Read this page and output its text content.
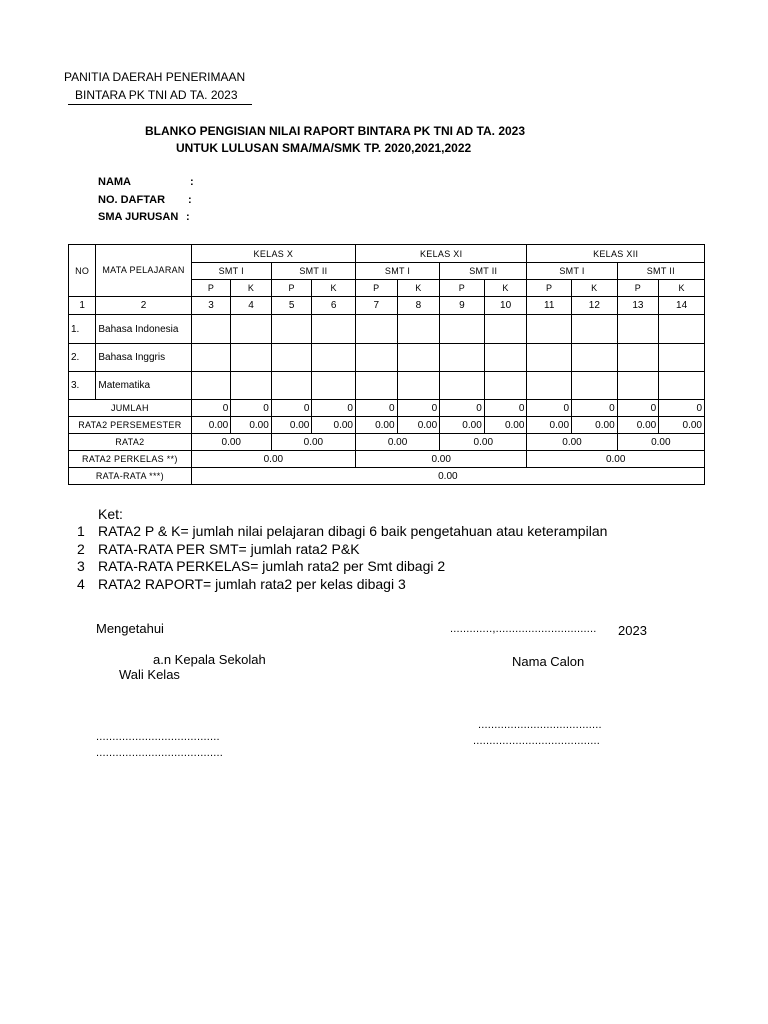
PANITIA DAERAH PENERIMAAN
BINTARA PK TNI AD TA. 2023
BLANKO PENGISIAN NILAI RAPORT BINTARA PK TNI AD TA. 2023
UNTUK LULUSAN SMA/MA/SMK TP. 2020,2021,2022
NAMA	:
NO. DAFTAR :
SMA JURUSAN :
NO	MATA PELAJARAN	KELAS X				KELAS XI				KELAS XII			
		SMT I		SMT II		SMT I		SMT II		SMT I		SMT II	
		P	K	P	K	P	K	P	K	P	K	P	K
1	2	3	4	5	6	7	8	9	10	11	12	13	14
1.	Bahasa Indonesia												
2.	Bahasa Inggris												
3.	Matematika												
JUMLAH		0	0	0	0	0	0	0	0	0	0	0	0
RATA2 PERSEMESTER		0.00	0.00	0.00	0.00	0.00	0.00	0.00	0.00	0.00	0.00	0.00	0.00
RATA2		0.00		0.00		0.00		0.00		0.00		0.00	
RATA2 PERKELAS **)		0.00				0.00				0.00			
RATA-RATA ***)		0.00											
Ket:
1 RATA2 P & K= jumlah nilai pelajaran dibagi 6 baik pengetahuan atau keterampilan
2 RATA-RATA PER SMT= jumlah rata2 P&K
3 RATA-RATA PERKELAS= jumlah rata2 per Smt dibagi 2
4 RATA2 RAPORT= jumlah rata2 per kelas dibagi 3
Mengetahui	.............,............................... 2023
a.n Kepala Sekolah
Wali Kelas
Nama Calon
......................................
.......................................
......................................
.......................................
